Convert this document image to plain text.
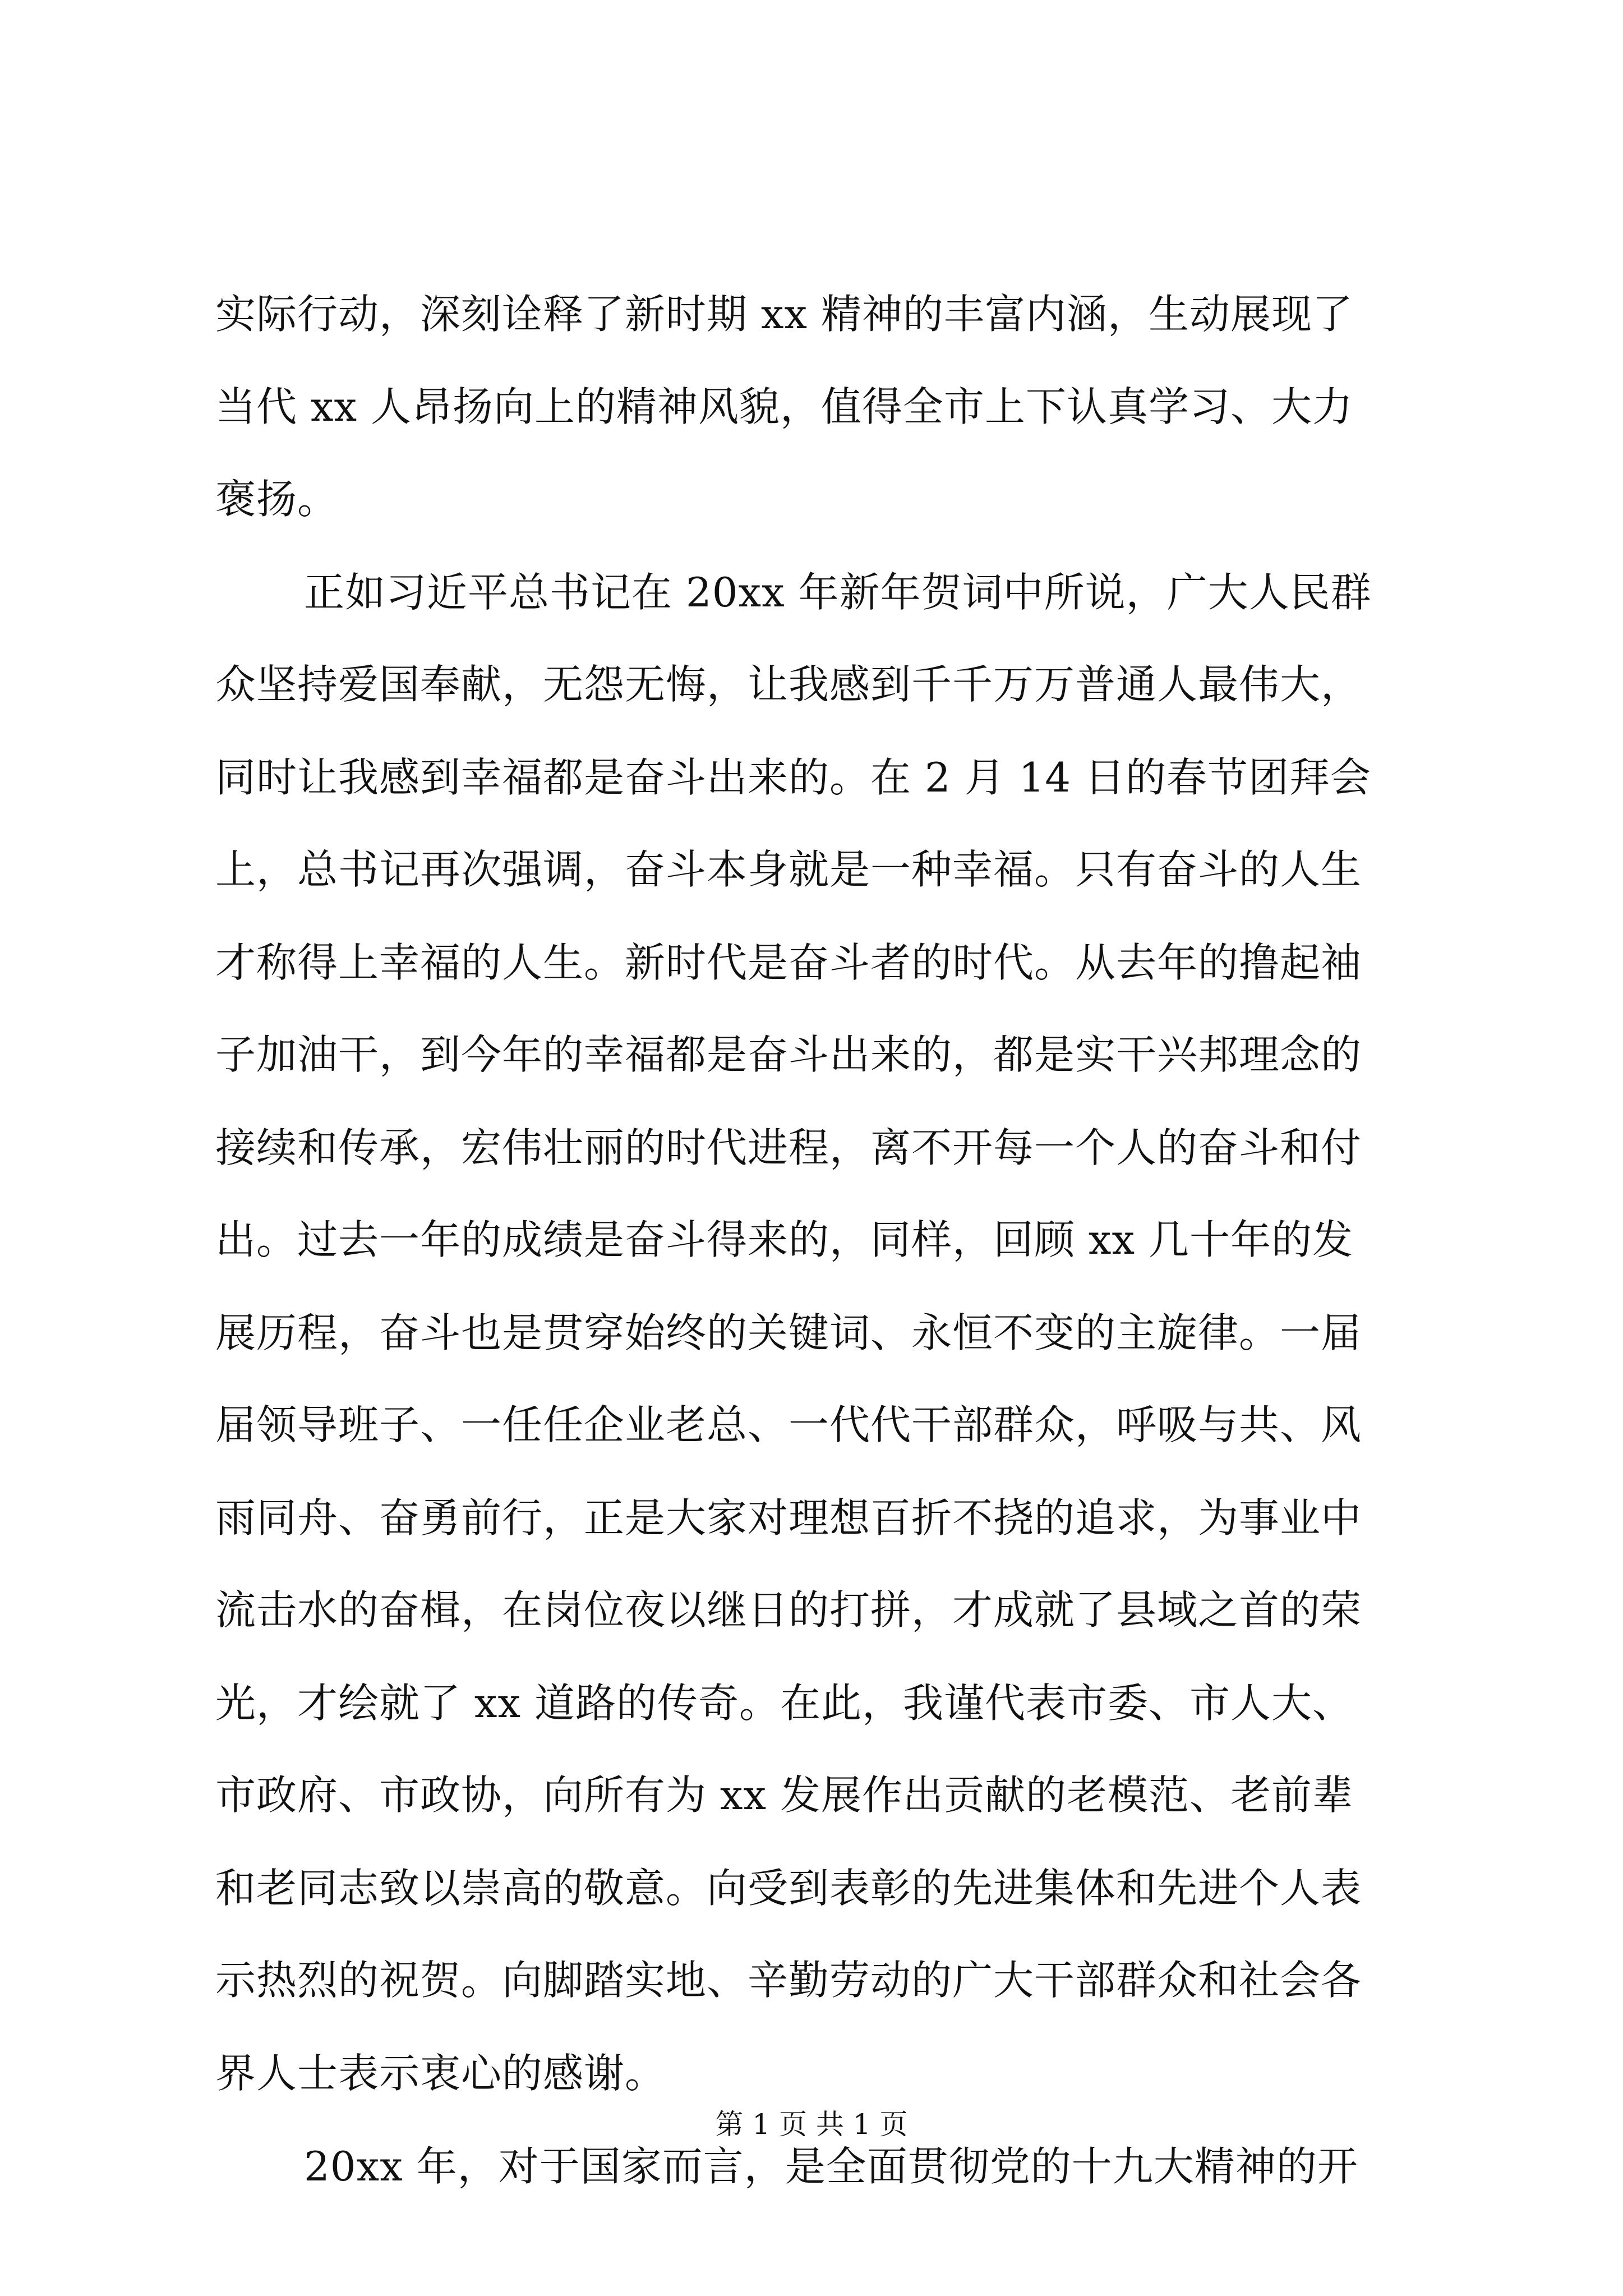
实际行动，深刻诠释了新时期 xx 精神的丰富内涵，生动展现了
当代 xx 人昂扬向上的精神风貌，值得全市上下认真学习、大力
褒扬。
正如习近平总书记在 20xx 年新年贺词中所说，广大人民群
众坚持爱国奉献，无怨无悔，让我感到千千万万普通人最伟大，
同时让我感到幸福都是奋斗出来的。在 2 月 14 日的春节团拜会
上，总书记再次强调，奋斗本身就是一种幸福。只有奋斗的人生
才称得上幸福的人生。新时代是奋斗者的时代。从去年的撸起袖
子加油干，到今年的幸福都是奋斗出来的，都是实干兴邦理念的
接续和传承，宏伟壮丽的时代进程，离不开每一个人的奋斗和付
出。过去一年的成绩是奋斗得来的，同样，回顾 xx 几十年的发
展历程，奋斗也是贯穿始终的关键词、永恒不变的主旋律。一届
届领导班子、一任任企业老总、一代代干部群众，呼吸与共、风
雨同舟、奋勇前行，正是大家对理想百折不挠的追求，为事业中
流击水的奋楫，在岗位夜以继日的打拼，才成就了县域之首的荣
光，才绘就了 xx 道路的传奇。在此，我谨代表市委、市人大、
市政府、市政协，向所有为 xx 发展作出贡献的老模范、老前辈
和老同志致以崇高的敬意。向受到表彰的先进集体和先进个人表
示热烈的祝贺。向脚踏实地、辛勤劳动的广大干部群众和社会各
界人士表示衷心的感谢。
20xx 年，对于国家而言，是全面贯彻党的十九大精神的开
第 1 页 共 1 页
